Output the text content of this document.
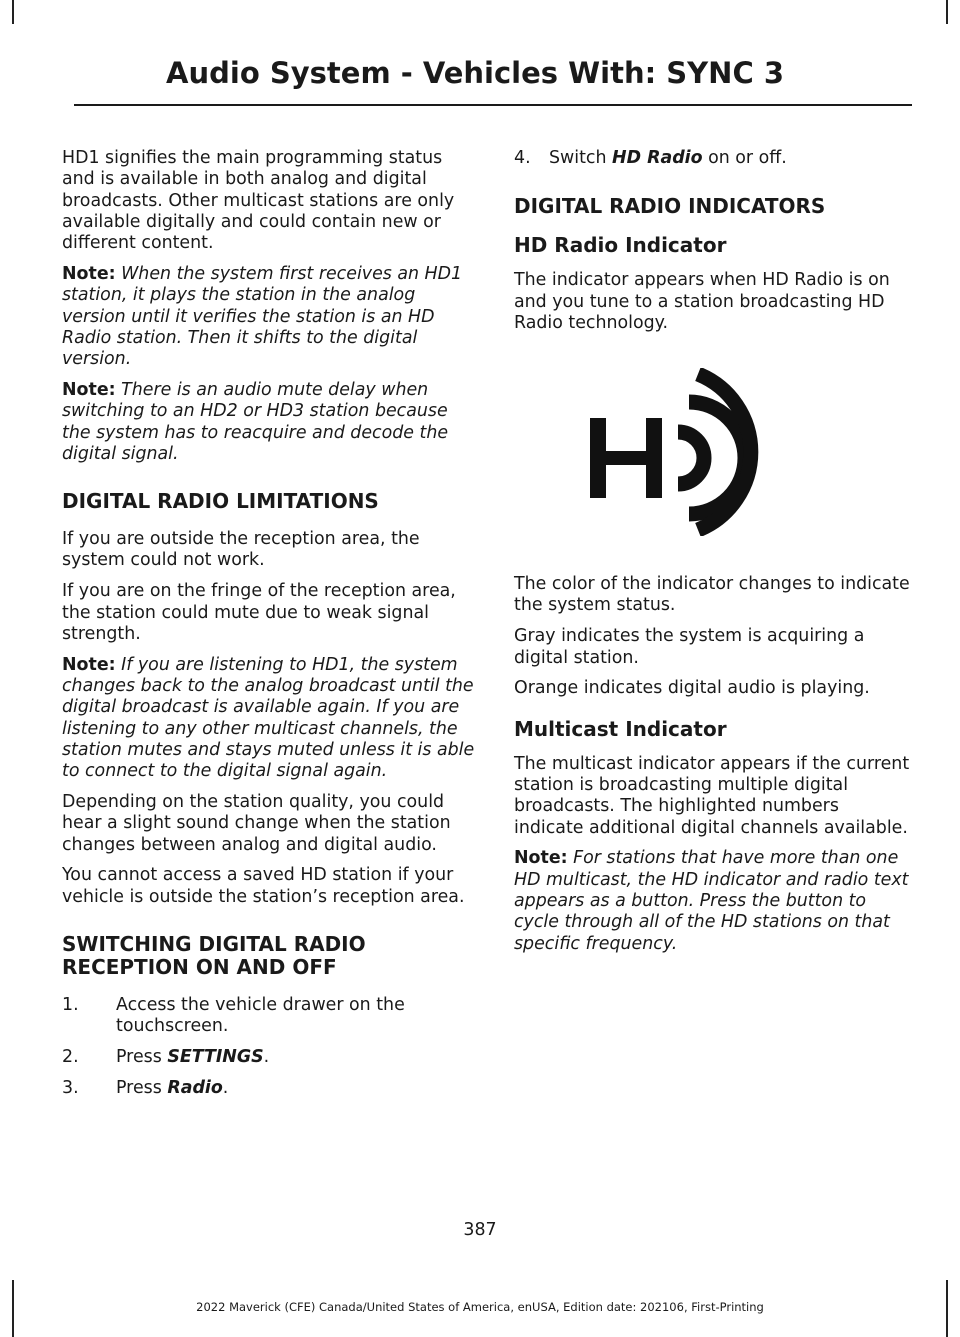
Audio System - Vehicles With: SYNC 3

HD1 signifies the main programming status and is available in both analog and digital broadcasts. Other multicast stations are only available digitally and could contain new or different content.

Note: When the system first receives an HD1 station, it plays the station in the analog version until it verifies the station is an HD Radio station. Then it shifts to the digital version.

Note: There is an audio mute delay when switching to an HD2 or HD3 station because the system has to reacquire and decode the digital signal.

DIGITAL RADIO LIMITATIONS

If you are outside the reception area, the system could not work.

If you are on the fringe of the reception area, the station could mute due to weak signal strength.

Note: If you are listening to HD1, the system changes back to the analog broadcast until the digital broadcast is available again. If you are listening to any other multicast channels, the station mutes and stays muted unless it is able to connect to the digital signal again.

Depending on the station quality, you could hear a slight sound change when the station changes between analog and digital audio.

You cannot access a saved HD station if your vehicle is outside the station’s reception area.

SWITCHING DIGITAL RADIO RECEPTION ON AND OFF
1. Access the vehicle drawer on the touchscreen.
2. Press SETTINGS.
3. Press Radio.
4. Switch HD Radio on or off.
DIGITAL RADIO INDICATORS
HD Radio Indicator

The indicator appears when HD Radio is on and you tune to a station broadcasting HD Radio technology.

The color of the indicator changes to indicate the system status.

Gray indicates the system is acquiring a digital station.

Orange indicates digital audio is playing.

Multicast Indicator

The multicast indicator appears if the current station is broadcasting multiple digital broadcasts. The highlighted numbers indicate additional digital channels available.

Note: For stations that have more than one HD multicast, the HD indicator and radio text appears as a button. Press the button to cycle through all of the HD stations on that specific frequency.

387

2022 Maverick (CFE) Canada/United States of America, enUSA, Edition date: 202106, First-Printing
